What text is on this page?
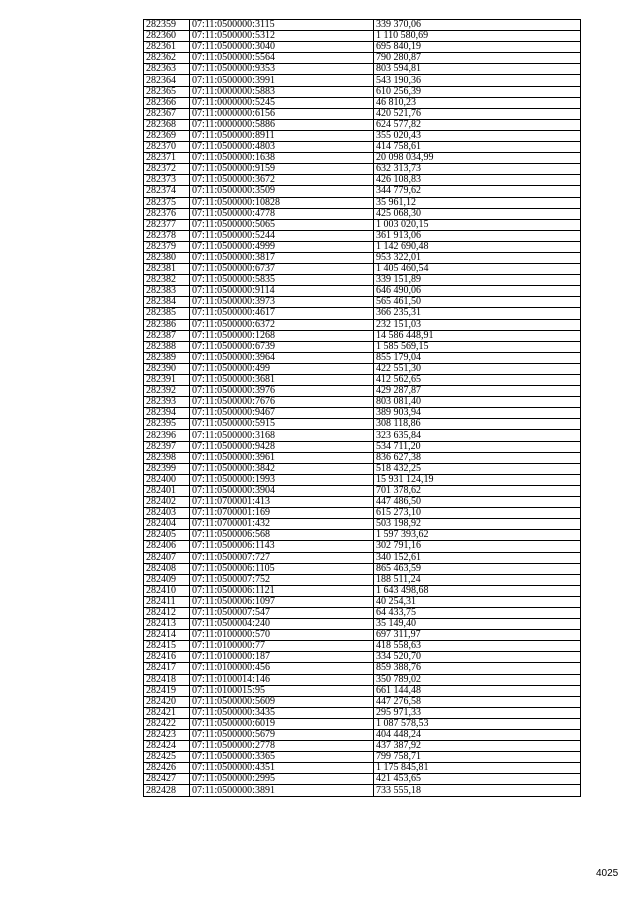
282359	07:11:0500000:3115	339 370,06
282360	07:11:0500000:5312	1 110 580,69
282361	07:11:0500000:3040	695 840,19
282362	07:11:0500000:5564	790 280,87
282363	07:11:0500000:9353	803 594,81
282364	07:11:0500000:3991	543 190,36
282365	07:11:0000000:5883	610 256,39
282366	07:11:0000000:5245	46 810,23
282367	07:11:0000000:6156	420 521,76
282368	07:11:0000000:5886	624 577,82
282369	07:11:0500000:8911	355 020,43
282370	07:11:0500000:4803	414 758,61
282371	07:11:0500000:1638	20 098 034,99
282372	07:11:0500000:9159	632 313,73
282373	07:11:0500000:3672	426 108,83
282374	07:11:0500000:3509	344 779,62
282375	07:11:0500000:10828	35 961,12
282376	07:11:0500000:4778	425 068,30
282377	07:11:0500000:5065	1 003 020,15
282378	07:11:0500000:5244	361 913,06
282379	07:11:0500000:4999	1 142 690,48
282380	07:11:0500000:3817	953 322,01
282381	07:11:0500000:6737	1 405 460,54
282382	07:11:0500000:5835	339 151,89
282383	07:11:0500000:9114	646 490,06
282384	07:11:0500000:3973	565 461,50
282385	07:11:0500000:4617	366 235,31
282386	07:11:0500000:6372	232 151,03
282387	07:11:0500000:1268	14 586 448,91
282388	07:11:0500000:6739	1 585 569,15
282389	07:11:0500000:3964	855 179,04
282390	07:11:0500000:499	422 551,30
282391	07:11:0500000:3681	412 562,65
282392	07:11:0500000:3976	429 287,87
282393	07:11:0500000:7676	803 081,40
282394	07:11:0500000:9467	389 903,94
282395	07:11:0500000:5915	308 118,86
282396	07:11:0500000:3168	323 635,84
282397	07:11:0500000:9428	534 711,20
282398	07:11:0500000:3961	836 627,38
282399	07:11:0500000:3842	518 432,25
282400	07:11:0500000:1993	15 931 124,19
282401	07:11:0500000:3904	701 378,62
282402	07:11:0700001:413	447 486,50
282403	07:11:0700001:169	615 273,10
282404	07:11:0700001:432	503 198,92
282405	07:11:0500006:568	1 597 393,62
282406	07:11:0500006:1143	302 791,16
282407	07:11:0500007:727	340 152,61
282408	07:11:0500006:1105	865 463,59
282409	07:11:0500007:752	188 511,24
282410	07:11:0500006:1121	1 643 498,68
282411	07:11:0500006:1097	40 254,31
282412	07:11:0500007:547	64 433,75
282413	07:11:0500004:240	35 149,40
282414	07:11:0100000:570	697 311,97
282415	07:11:0100000:77	418 558,63
282416	07:11:0100000:187	334 520,70
282417	07:11:0100000:456	859 388,76
282418	07:11:0100014:146	350 789,02
282419	07:11:0100015:95	661 144,48
282420	07:11:0500000:5609	447 276,58
282421	07:11:0500000:3435	295 971,33
282422	07:11:0500000:6019	1 087 578,53
282423	07:11:0500000:5679	404 448,24
282424	07:11:0500000:2778	437 387,92
282425	07:11:0500000:3365	799 758,71
282426	07:11:0500000:4351	1 175 845,81
282427	07:11:0500000:2995	421 453,65
282428	07:11:0500000:3891	733 555,18
4025
